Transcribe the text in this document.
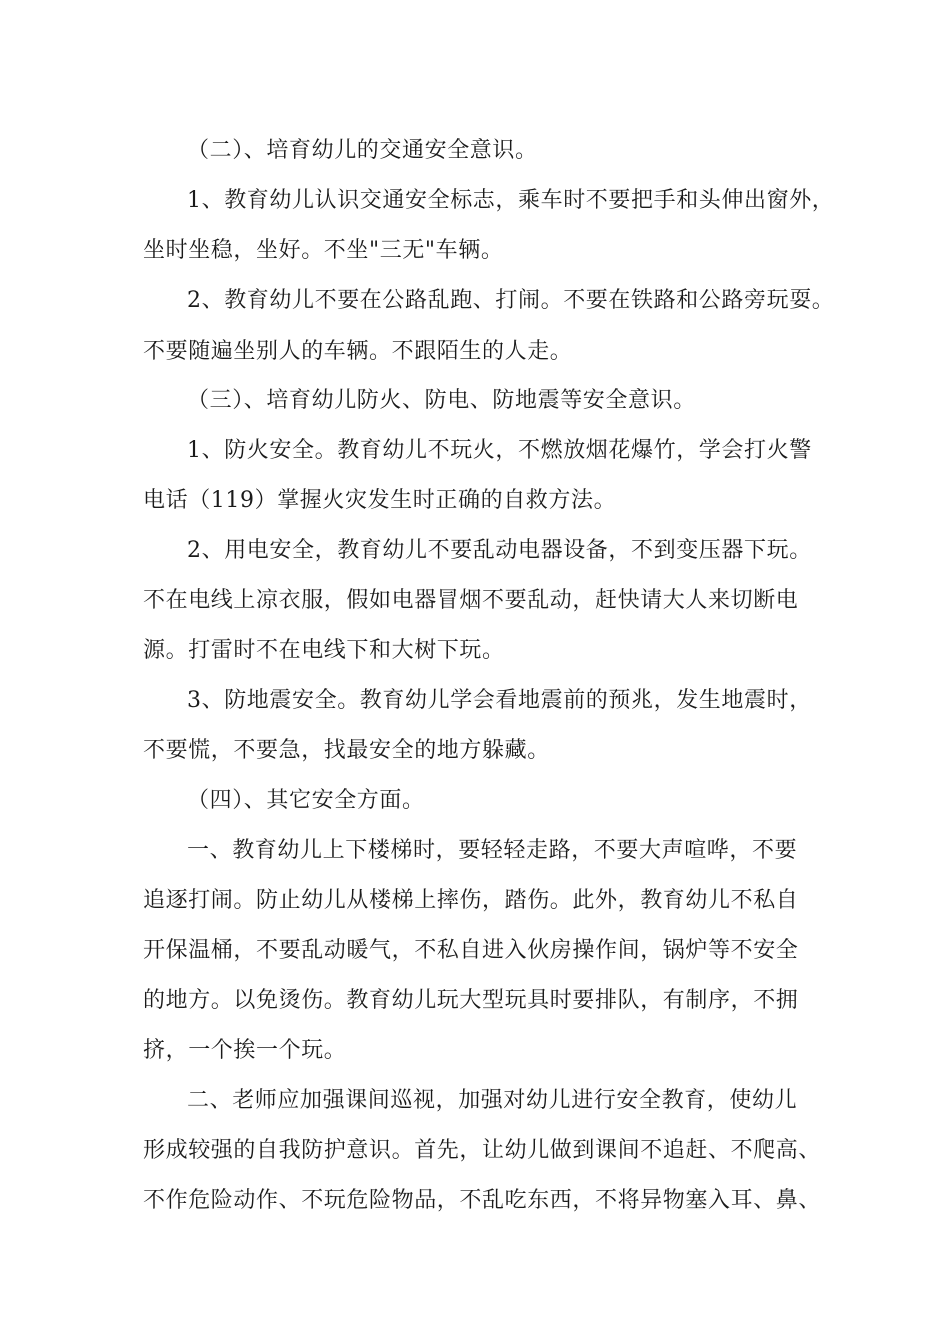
（二）、培育幼儿的交通安全意识。
1、教育幼儿认识交通安全标志，乘车时不要把手和头伸出窗外，
坐时坐稳，坐好。不坐"三无"车辆。
2、教育幼儿不要在公路乱跑、打闹。不要在铁路和公路旁玩耍。
不要随遍坐别人的车辆。不跟陌生的人走。
（三）、培育幼儿防火、防电、防地震等安全意识。
1、防火安全。教育幼儿不玩火，不燃放烟花爆竹，学会打火警
电话（119）掌握火灾发生时正确的自救方法。
2、用电安全，教育幼儿不要乱动电器设备，不到变压器下玩。
不在电线上凉衣服，假如电器冒烟不要乱动，赶快请大人来切断电
源。打雷时不在电线下和大树下玩。
3、防地震安全。教育幼儿学会看地震前的预兆，发生地震时，
不要慌，不要急，找最安全的地方躲藏。
（四）、其它安全方面。
一、教育幼儿上下楼梯时，要轻轻走路，不要大声喧哗，不要
追逐打闹。防止幼儿从楼梯上摔伤，踏伤。此外，教育幼儿不私自
开保温桶，不要乱动暖气，不私自进入伙房操作间，锅炉等不安全
的地方。以免烫伤。教育幼儿玩大型玩具时要排队，有制序，不拥
挤，一个挨一个玩。
二、老师应加强课间巡视，加强对幼儿进行安全教育，使幼儿
形成较强的自我防护意识。首先，让幼儿做到课间不追赶、不爬高、
不作危险动作、不玩危险物品，不乱吃东西，不将异物塞入耳、鼻、
